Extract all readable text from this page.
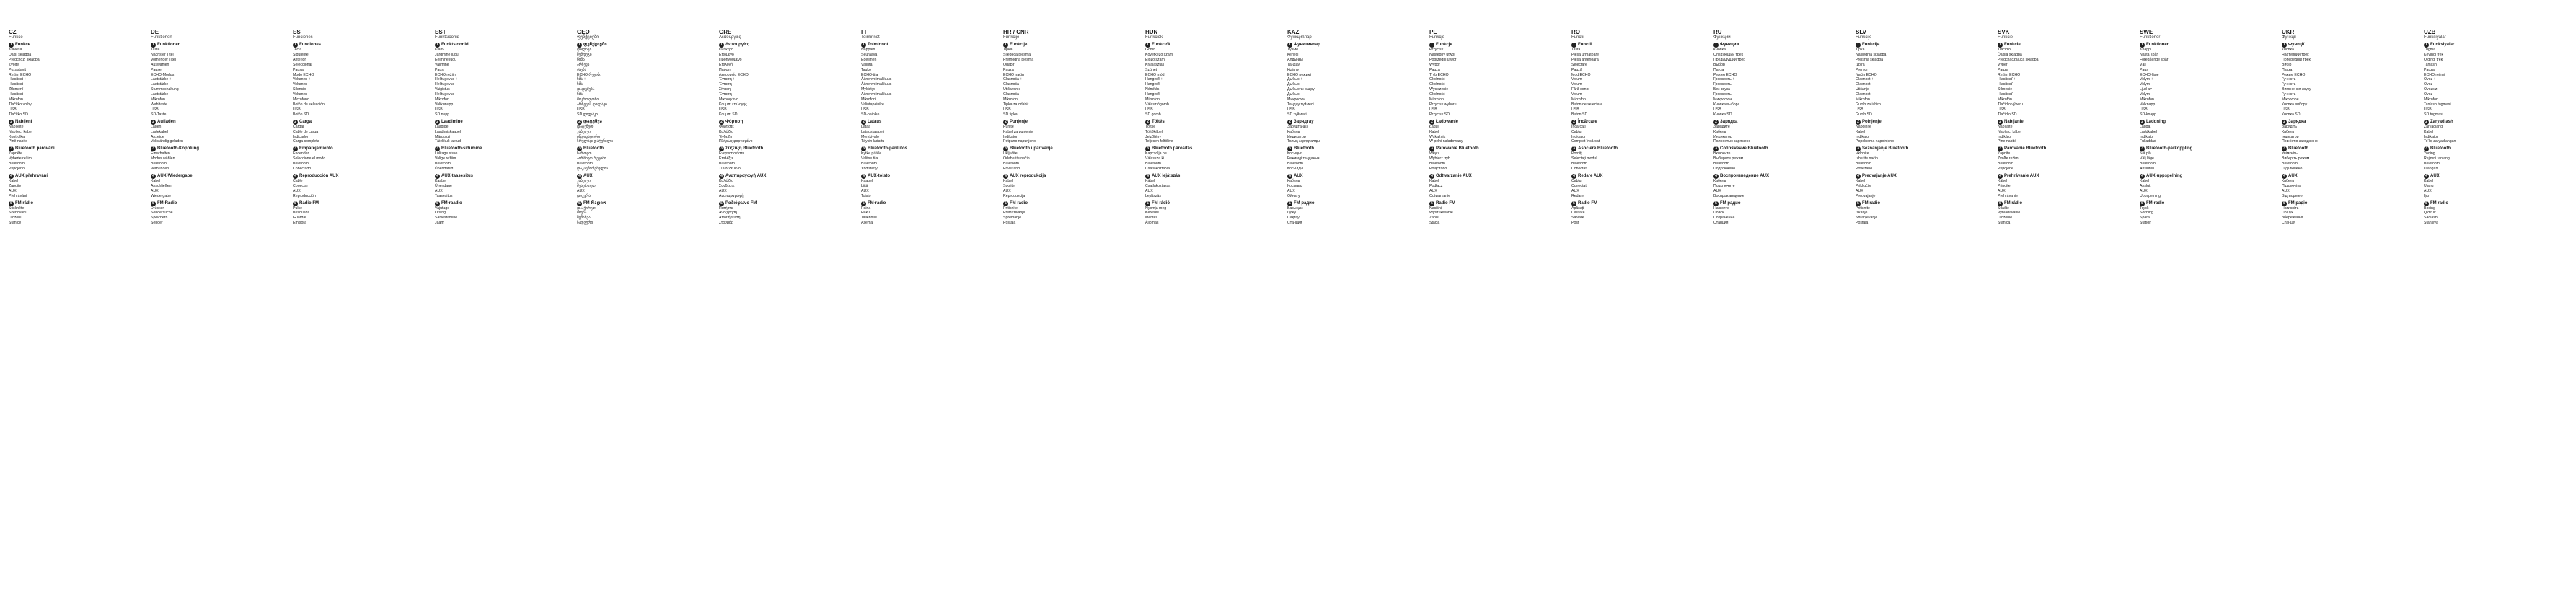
CZ
Funkce
1 Funkce
Klávesa
Další skladba
Předchozí skladba
Zvolte
Pozastavit
Režim ECHO
Hlasitost +
Hlasitost −
Ztlumení
Hlasitost
Mikrofon
Tlačítko volby
USB
Tlačítko SD
2 Nabíjení
Nabíjejte
Nabíjecí kabel
Kontrolka
Plně nabito
3 Bluetooth párování
Zapněte
Vyberte režim
Bluetooth
Připojeno
4 AUX přehrávání
Kabel
Zapojte
AUX
Přehrávání
5 FM rádio
Stiskněte
Skenování
Uložení
Stanice
DE
Funktionen
1 Funktionen
Taste
Nächster Titel
Vorheriger Titel
Auswählen
Pause
ECHO-Modus
Lautstärke +
Lautstärke −
Stummschaltung
Lautstärke
Mikrofon
Wahltaste
USB
SD-Taste
2 Aufladen
Laden
Ladekabel
Anzeige
Vollständig geladen
3 Bluetooth-Kopplung
Einschalten
Modus wählen
Bluetooth
Verbunden
4 AUX-Wiedergabe
Kabel
Anschließen
AUX
Wiedergabe
5 FM-Radio
Drücken
Sendersuche
Speichern
Sender
ES
Funciones
1 Funciones
Tecla
Siguiente
Anterior
Seleccionar
Pausa
Modo ECHO
Volumen +
Volumen −
Silencio
Volumen
Micrófono
Botón de selección
USB
Botón SD
2 Carga
Cargar
Cable de carga
Indicador
Carga completa
3 Emparejamiento
Encender
Seleccione el modo
Bluetooth
Conectado
4 Reproducción AUX
Cable
Conectar
AUX
Reproducción
5 Radio FM
Pulse
Búsqueda
Guardar
Emisora
EST
Funktsioonid
1 Funktsioonid
Klahv
Järgmine lugu
Eelmine lugu
Valimine
Paus
ECHO režiim
Helitugevus +
Helitugevus −
Vaigistus
Helitugevus
Mikrofon
Valikunupp
USB
SD nupp
2 Laadimine
Laadige
Laadimiskaabel
Märgutuli
Täielikult laetud
3 Bluetooth-sidumine
Lülitage sisse
Valige režiim
Bluetooth
Ühendatud
4 AUX-taasesitus
Kaabel
Ühendage
AUX
Taasesitus
5 FM-raadio
Vajutage
Otsing
Salvestamine
Jaam
GEO
ფუნქციები
1 ფუნქციები
ღილაკი
შემდეგი
წინა
არჩევა
პაუზა
ECHO რეჟიმი
ხმა +
ხმა −
დადუმება
ხმა
მიკროფონი
არჩევის ღილაკი
USB
SD ღილაკი
2 დატენვა
დატენეთ
კაბელი
ინდიკატორი
სრულად დატენილი
3 Bluetooth
ჩართეთ
აირჩიეთ რეჟიმი
Bluetooth
დაკავშირებულია
4 AUX
კაბელი
შეაერთეთ
AUX
დაკვრა
5 FM რადიო
დააჭირეთ
ძიება
შენახვა
სადგური
GRE
Λειτουργίες
1 Λειτουργίες
Πλήκτρο
Επόμενο
Προηγούμενο
Επιλογή
Παύση
Λειτουργία ECHO
Ένταση +
Ένταση −
Σίγαση
Ένταση
Μικρόφωνο
Κουμπί επιλογής
USB
Κουμπί SD
2 Φόρτιση
Φορτίστε
Καλώδιο
Ένδειξη
Πλήρως φορτισμένο
3 Σύζευξη Bluetooth
Ενεργοποιήστε
Επιλέξτε
Bluetooth
Συνδεδεμένο
4 Αναπαραγωγή AUX
Καλώδιο
Συνδέστε
AUX
Αναπαραγωγή
5 Ραδιόφωνο FM
Πατήστε
Αναζήτηση
Αποθήκευση
Σταθμός
FI
Toiminnot
1 Toiminnot
Näppäin
Seuraava
Edellinen
Valinta
Tauko
ECHO-tila
Äänenvoimakkuus +
Äänenvoimakkuus −
Mykistys
Äänenvoimakkuus
Mikrofoni
Valintapainike
USB
SD-painike
2 Lataus
Lataa
Latauskaapeli
Merkkivalo
Täysin ladattu
3 Bluetooth-pariliitos
Kytke päälle
Valitse tila
Bluetooth
Yhdistetty
4 AUX-toisto
Kaapeli
Liitä
AUX
Toisto
5 FM-radio
Paina
Haku
Tallennus
Asema
HR / CNR
Funkcije
1 Funkcije
Tipka
Sljedeća pjesma
Prethodna pjesma
Odabir
Pauza
ECHO način
Glasnoća +
Glasnoća −
Utišavanje
Glasnoća
Mikrofon
Tipka za odabir
USB
SD tipka
2 Punjenje
Punite
Kabel za punjenje
Indikator
Potpuno napunjeno
3 Bluetooth uparivanje
Uključite
Odaberite način
Bluetooth
Povezano
4 AUX reprodukcija
Kabel
Spojite
AUX
Reprodukcija
5 FM radio
Pritisnite
Pretraživanje
Spremanje
Postaja
HUN
Funkciók
1 Funkciók
Gomb
Következő szám
Előző szám
Kiválasztás
Szünet
ECHO mód
Hangerő +
Hangerő −
Némítás
Hangerő
Mikrofon
Választógomb
USB
SD gomb
2 Töltés
Töltse
Töltőkábel
Jelzőfény
Teljesen feltöltve
3 Bluetooth párosítás
Kapcsolja be
Válassza ki
Bluetooth
Csatlakoztatva
4 AUX lejátszás
Kábel
Csatlakoztassa
AUX
Lejátszás
5 FM rádió
Nyomja meg
Keresés
Mentés
Állomás
KAZ
Функциялар
1 Функциялар
Түйме
Келесі
Алдыңғы
Таңдау
Кідірту
ECHO режимі
Дыбыс +
Дыбыс −
Дыбысты өшіру
Дыбыс
Микрофон
Таңдау түймесі
USB
SD түймесі
2 Зарядтау
Зарядтаңыз
Кабель
Индикатор
Толық зарядталды
3 Bluetooth
Қосыңыз
Режимді таңдаңыз
Bluetooth
Қосылды
4 AUX
Кабель
Қосыңыз
AUX
Ойнату
5 FM радио
Басыңыз
Іздеу
Сақтау
Станция
PL
Funkcje
1 Funkcje
Przycisk
Następny utwór
Poprzedni utwór
Wybór
Pauza
Tryb ECHO
Głośność +
Głośność −
Wyciszenie
Głośność
Mikrofon
Przycisk wyboru
USB
Przycisk SD
2 Ładowanie
Ładuj
Kabel
Wskaźnik
W pełni naładowany
3 Parowanie Bluetooth
Włącz
Wybierz tryb
Bluetooth
Połączono
4 Odtwarzanie AUX
Kabel
Podłącz
AUX
Odtwarzanie
5 Radio FM
Naciśnij
Wyszukiwanie
Zapis
Stacja
RO
Funcții
1 Funcții
Tastă
Piesa următoare
Piesa anterioară
Selectare
Pauză
Mod ECHO
Volum +
Volum −
Fără sonor
Volum
Microfon
Buton de selectare
USB
Buton SD
2 Încărcare
Încărcați
Cablu
Indicator
Complet încărcat
3 Asociere Bluetooth
Porniți
Selectați modul
Bluetooth
Conectat
4 Redare AUX
Cablu
Conectați
AUX
Redare
5 Radio FM
Apăsați
Căutare
Salvare
Post
RU
Функции
1 Функции
Кнопка
Следующий трек
Предыдущий трек
Выбор
Пауза
Режим ECHO
Громкость +
Громкость −
Без звука
Громкость
Микрофон
Кнопка выбора
USB
Кнопка SD
2 Зарядка
Зарядите
Кабель
Индикатор
Полностью заряжено
3 Сопряжение Bluetooth
Включите
Выберите режим
Bluetooth
Подключено
4 Воспроизведение AUX
Кабель
Подключите
AUX
Воспроизведение
5 FM радио
Нажмите
Поиск
Сохранение
Станция
SLV
Funkcije
1 Funkcije
Tipka
Naslednja skladba
Prejšnja skladba
Izbira
Premor
Način ECHO
Glasnost +
Glasnost −
Utišanje
Glasnost
Mikrofon
Gumb za izbiro
USB
Gumb SD
2 Polnjenje
Napolnite
Kabel
Indikator
Popolnoma napolnjeno
3 Seznanjanje Bluetooth
Vklopite
Izberite način
Bluetooth
Povezano
4 Predvajanje AUX
Kabel
Priključite
AUX
Predvajanje
5 FM radio
Pritisnite
Iskanje
Shranjevanje
Postaja
SVK
Funkcie
1 Funkcie
Tlačidlo
Ďalšia skladba
Predchádzajúca skladba
Výber
Pauza
Režim ECHO
Hlasitosť +
Hlasitosť −
Stlmenie
Hlasitosť
Mikrofón
Tlačidlo výberu
USB
Tlačidlo SD
2 Nabíjanie
Nabíjajte
Nabíjací kábel
Indikátor
Plne nabité
3 Párovanie Bluetooth
Zapnite
Zvoľte režim
Bluetooth
Pripojené
4 Prehrávanie AUX
Kábel
Pripojte
AUX
Prehrávanie
5 FM rádio
Stlačte
Vyhľadávanie
Uloženie
Stanica
SWE
Funktioner
1 Funktioner
Knapp
Nästa spår
Föregående spår
Välj
Paus
ECHO-läge
Volym +
Volym −
Ljud av
Volym
Mikrofon
Valknapp
USB
SD-knapp
2 Laddning
Ladda
Laddkabel
Indikator
Fulladdad
3 Bluetooth-parkoppling
Slå på
Välj läge
Bluetooth
Ansluten
4 AUX-uppspelning
Kabel
Anslut
AUX
Uppspelning
5 FM-radio
Tryck
Sökning
Spara
Station
UKR
Функції
1 Функції
Кнопка
Наступний трек
Попередній трек
Вибір
Пауза
Режим ECHO
Гучність +
Гучність −
Вимкнення звуку
Гучність
Мікрофон
Кнопка вибору
USB
Кнопка SD
2 Зарядка
Зарядіть
Кабель
Індикатор
Повністю заряджено
3 Bluetooth
Увімкніть
Виберіть режим
Bluetooth
Підключено
4 AUX
Кабель
Підключіть
AUX
Відтворення
5 FM радіо
Натисніть
Пошук
Збереження
Станція
UZB
Funksiyalar
1 Funksiyalar
Tugma
Keyingi trek
Oldingi trek
Tanlash
Pauza
ECHO rejimi
Ovoz +
Ovoz −
Ovozsiz
Ovoz
Mikrofon
Tanlash tugmasi
USB
SD tugmasi
2 Zaryadlash
Zaryadlang
Kabel
Indikator
To‘liq zaryadlangan
3 Bluetooth
Yoqing
Rejimni tanlang
Bluetooth
Ulangan
4 AUX
Kabel
Ulang
AUX
Ijro
5 FM radio
Bosing
Qidiruv
Saqlash
Stansiya
